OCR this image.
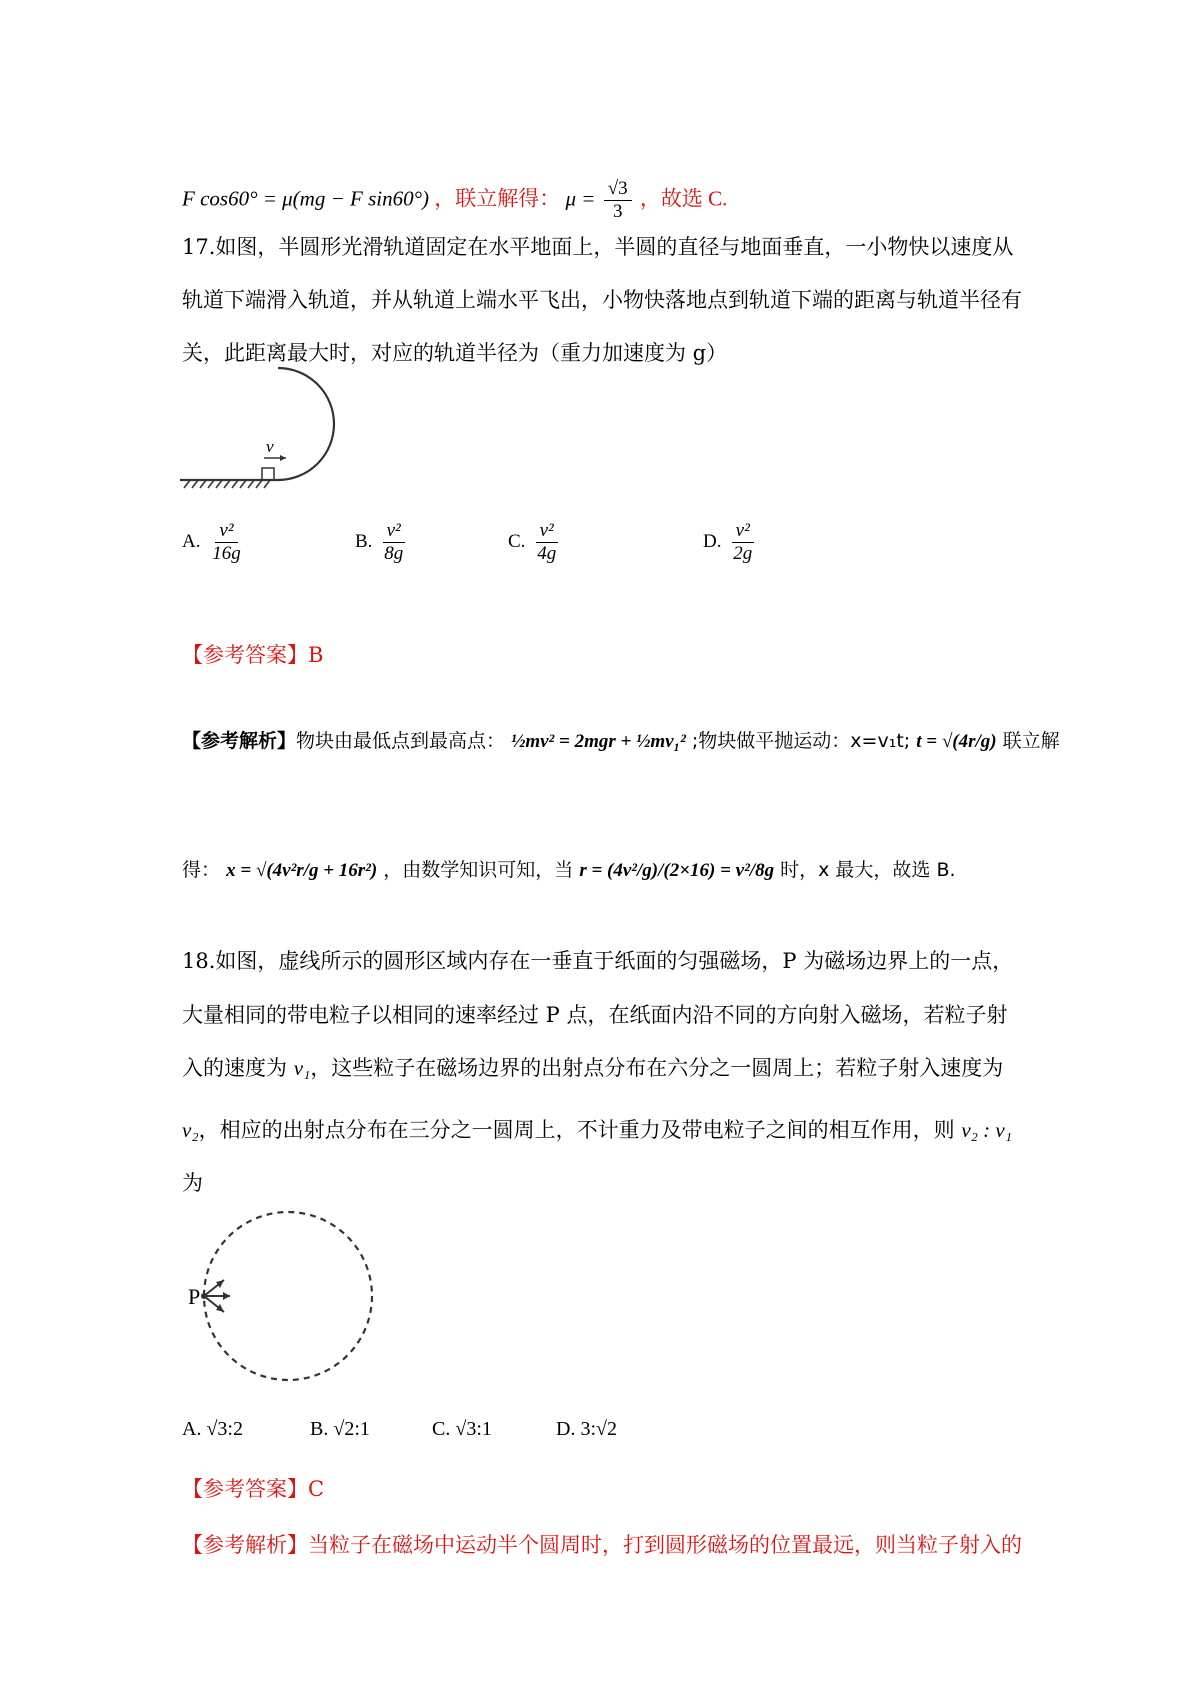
F cos60° = μ(mg − F sin60°) ，联立解得： $\mu = \frac{√3}{3}$ ，故选 C.
17.如图，半圆形光滑轨道固定在水平地面上，半圆的直径与地面垂直，一小物快以速度从
轨道下端滑入轨道，并从轨道上端水平飞出，小物快落地点到轨道下端的距离与轨道半径有
关，此距离最大时，对应的轨道半径为（重力加速度为 g）
v
A. $\frac{\text{v²}}{16g}$	B. $\frac{\text{v²}}{8g}$	C. $\frac{\text{v²}}{4g}$	D. $\frac{\text{v²}}{2g}$
【参考答案】B
【参考解析】物块由最低点到最高点： ½mv² = 2mgr + ½mv₁² ;物块做平抛运动：x=v₁t; t = √(4r/g) 联立解
得： x = √(4v²r/g + 16r²) ，由数学知识可知，当 r = (4v²/g)/(2×16) = v²/8g 时，x 最大，故选 B.
18.如图，虚线所示的圆形区域内存在一垂直于纸面的匀强磁场，P 为磁场边界上的一点，
大量相同的带电粒子以相同的速率经过 P 点，在纸面内沿不同的方向射入磁场，若粒子射
入的速度为 v₁，这些粒子在磁场边界的出射点分布在六分之一圆周上；若粒子射入速度为
v₂，相应的出射点分布在三分之一圆周上，不计重力及带电粒子之间的相互作用，则 v₂ : v₁
为
P
A. √3:2	B. √2:1	C. √3:1	D. 3:√2
【参考答案】C
【参考解析】当粒子在磁场中运动半个圆周时，打到圆形磁场的位置最远，则当粒子射入的
